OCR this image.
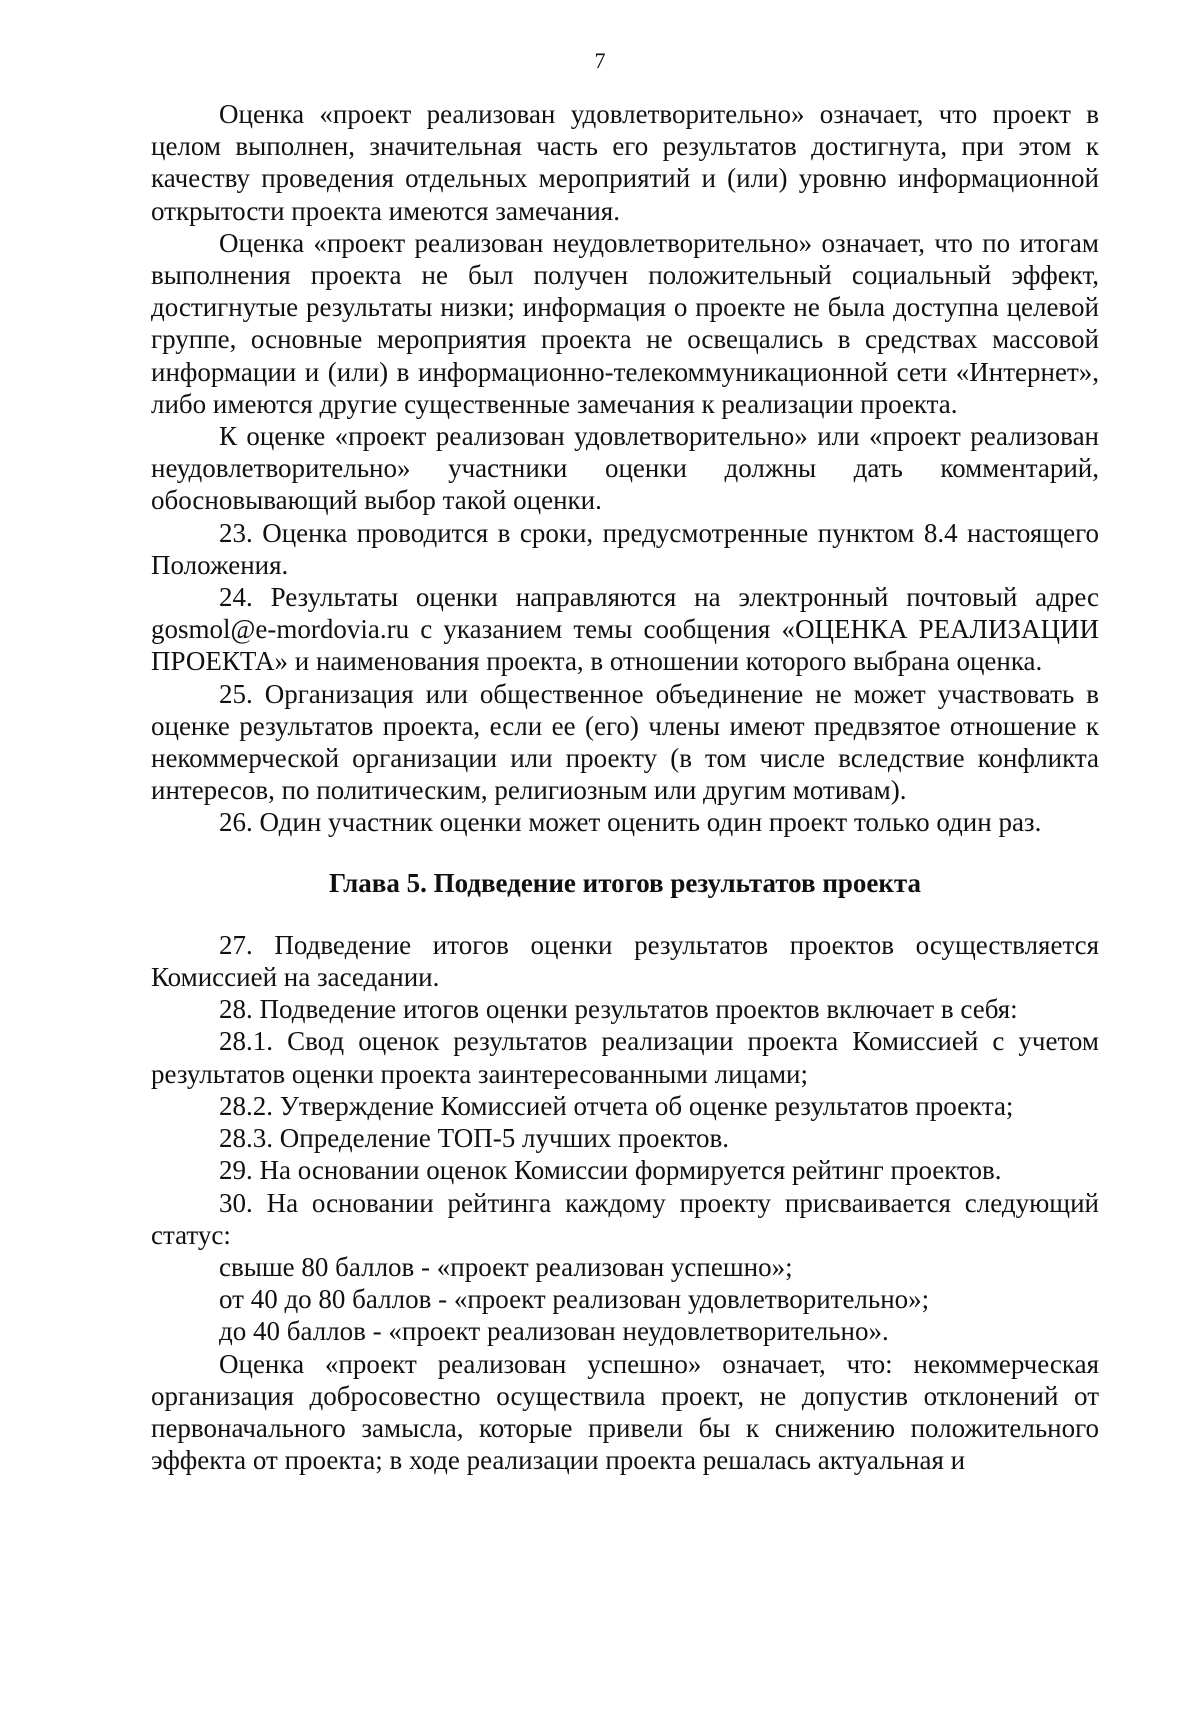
7

Оценка «проект реализован удовлетворительно» означает, что проект в целом выполнен, значительная часть его результатов достигнута, при этом к качеству проведения отдельных мероприятий и (или) уровню информационной открытости проекта имеются замечания.

Оценка «проект реализован неудовлетворительно» означает, что по итогам выполнения проекта не был получен положительный социальный эффект, достигнутые результаты низки; информация о проекте не была доступна целевой группе, основные мероприятия проекта не освещались в средствах массовой информации и (или) в информационно-телекоммуникационной сети «Интернет», либо имеются другие существенные замечания к реализации проекта.

К оценке «проект реализован удовлетворительно» или «проект реализован неудовлетворительно» участники оценки должны дать комментарий, обосновывающий выбор такой оценки.

23. Оценка проводится в сроки, предусмотренные пунктом 8.4 настоящего Положения.

24. Результаты оценки направляются на электронный почтовый адрес gosmol@e-mordovia.ru с указанием темы сообщения «ОЦЕНКА РЕАЛИЗАЦИИ ПРОЕКТА» и наименования проекта, в отношении которого выбрана оценка.

25. Организация или общественное объединение не может участвовать в оценке результатов проекта, если ее (его) члены имеют предвзятое отношение к некоммерческой организации или проекту (в том числе вследствие конфликта интересов, по политическим, религиозным или другим мотивам).

26. Один участник оценки может оценить один проект только один раз.

Глава 5. Подведение итогов результатов проекта

27. Подведение итогов оценки результатов проектов осуществляется Комиссией на заседании.

28. Подведение итогов оценки результатов проектов включает в себя:

28.1. Свод оценок результатов реализации проекта Комиссией с учетом результатов оценки проекта заинтересованными лицами;

28.2. Утверждение Комиссией отчета об оценке результатов проекта;

28.3. Определение ТОП-5 лучших проектов.

29. На основании оценок Комиссии формируется рейтинг проектов.

30. На основании рейтинга каждому проекту присваивается следующий статус:

свыше 80 баллов - «проект реализован успешно»;

от 40 до 80 баллов - «проект реализован удовлетворительно»;

до 40 баллов - «проект реализован неудовлетворительно».

Оценка «проект реализован успешно» означает, что: некоммерческая организация добросовестно осуществила проект, не допустив отклонений от первоначального замысла, которые привели бы к снижению положительного эффекта от проекта; в ходе реализации проекта решалась актуальная и
